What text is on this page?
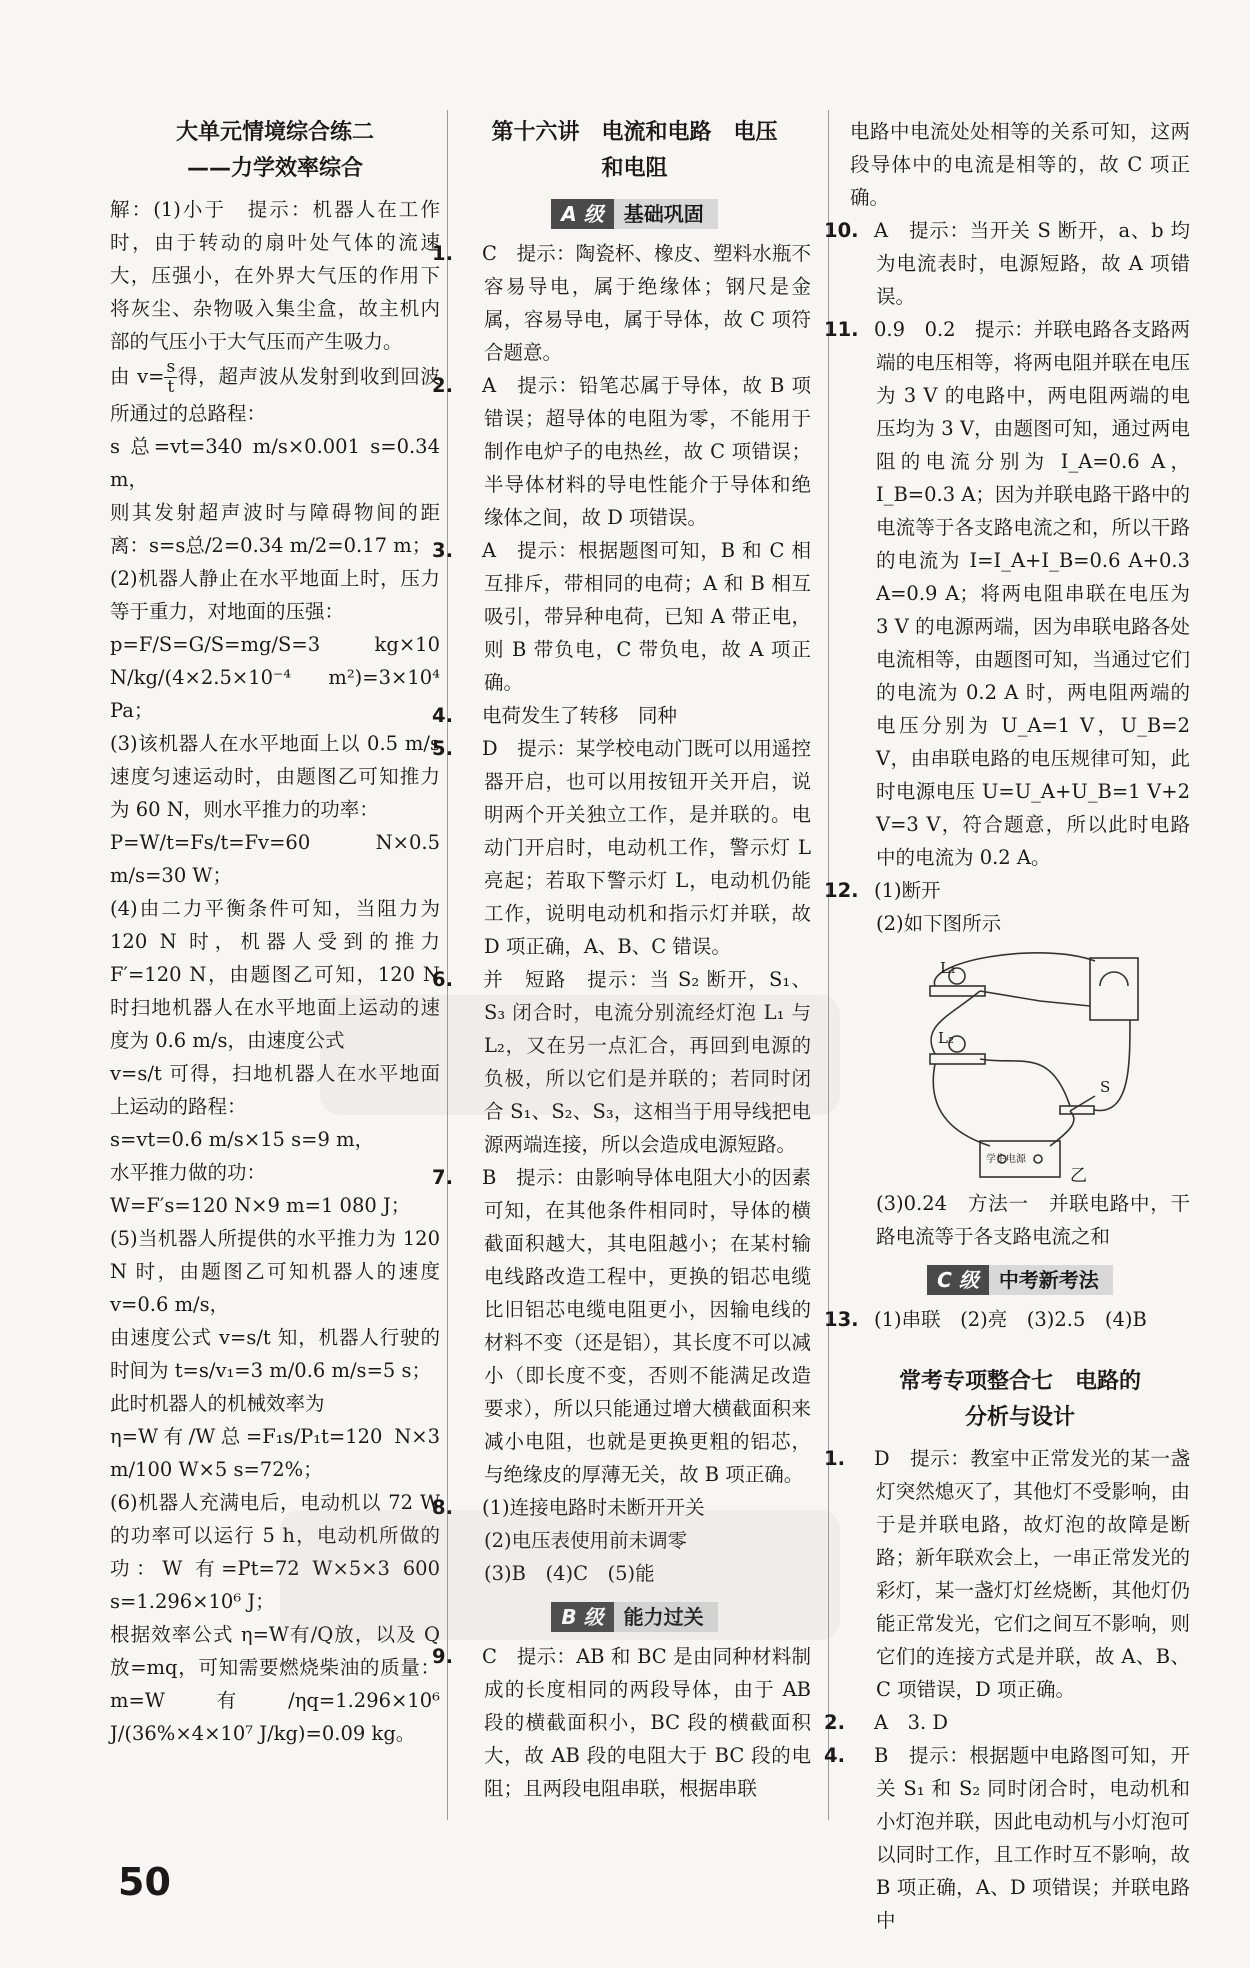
大单元情境综合练二
——力学效率综合

解：(1)小于　提示：机器人在工作时，由于转动的扇叶处气体的流速大，压强小，在外界大气压的作用下将灰尘、杂物吸入集尘盒，故主机内部的气压小于大气压而产生吸力。

由 $v= \frac{s}{t}$ 得，超声波从发射到收到回波所通过的总路程：

s 总=vt=340 m/s×0.001 s=0.34 m，

则其发射超声波时与障碍物间的距离：s=s总/2=0.34 m/2=0.17 m；

(2)机器人静止在水平地面上时，压力等于重力，对地面的压强：

p=F/S=G/S=mg/S=3 kg×10 N/kg/(4×2.5×10⁻⁴ m²)=3×10⁴ Pa；

(3)该机器人在水平地面上以 0.5 m/s 速度匀速运动时，由题图乙可知推力为 60 N，则水平推力的功率：

P=W/t=Fs/t=Fv=60 N×0.5 m/s=30 W；

(4)由二力平衡条件可知，当阻力为 120 N 时，机器人受到的推力 F′=120 N，由题图乙可知，120 N 时扫地机器人在水平地面上运动的速度为 0.6 m/s，由速度公式

v=s/t 可得，扫地机器人在水平地面上运动的路程：

s=vt=0.6 m/s×15 s=9 m，

水平推力做的功：

W=F′s=120 N×9 m=1 080 J；

(5)当机器人所提供的水平推力为 120 N 时，由题图乙可知机器人的速度 v=0.6 m/s，

由速度公式 v=s/t 知，机器人行驶的时间为 t=s/v₁=3 m/0.6 m/s=5 s；

此时机器人的机械效率为

η=W有/W总=F₁s/P₁t=120 N×3 m/100 W×5 s=72%；

(6)机器人充满电后，电动机以 72 W 的功率可以运行 5 h，电动机所做的功：W 有=Pt=72 W×5×3 600 s=1.296×10⁶ J；

根据效率公式 η=W有/Q放，以及 Q 放=mq，可知需要燃烧柴油的质量：m=W有/ηq=1.296×10⁶ J/(36%×4×10⁷ J/kg)=0.09 kg。

第十六讲　电流和电路　电压
和电阻
A 级	基础巩固

1. C　提示：陶瓷杯、橡皮、塑料水瓶不容易导电，属于绝缘体；钢尺是金属，容易导电，属于导体，故 C 项符合题意。

2. A　提示：铅笔芯属于导体，故 B 项错误；超导体的电阻为零，不能用于制作电炉子的电热丝，故 C 项错误；半导体材料的导电性能介于导体和绝缘体之间，故 D 项错误。

3. A　提示：根据题图可知，B 和 C 相互排斥，带相同的电荷；A 和 B 相互吸引，带异种电荷，已知 A 带正电，则 B 带负电，C 带负电，故 A 项正确。

4. 电荷发生了转移　同种

5. D　提示：某学校电动门既可以用遥控器开启，也可以用按钮开关开启，说明两个开关独立工作，是并联的。电动门开启时，电动机工作，警示灯 L 亮起；若取下警示灯 L，电动机仍能工作，说明电动机和指示灯并联，故 D 项正确，A、B、C 错误。

6. 并　短路　提示：当 S₂ 断开，S₁、S₃ 闭合时，电流分别流经灯泡 L₁ 与 L₂，又在另一点汇合，再回到电源的负极，所以它们是并联的；若同时闭合 S₁、S₂、S₃，这相当于用导线把电源两端连接，所以会造成电源短路。

7. B　提示：由影响导体电阻大小的因素可知，在其他条件相同时，导体的横截面积越大，其电阻越小；在某村输电线路改造工程中，更换的铝芯电缆比旧铝芯电缆电阻更小，因输电线的材料不变（还是铝），其长度不可以减小（即长度不变，否则不能满足改造要求），所以只能通过增大横截面积来减小电阻，也就是更换更粗的铝芯，与绝缘皮的厚薄无关，故 B 项正确。

8. (1)连接电路时未断开开关

(2)电压表使用前未调零

(3)B　(4)C　(5)能

B 级	能力过关

9. C　提示：AB 和 BC 是由同种材料制成的长度相同的两段导体，由于 AB 段的横截面积小，BC 段的横截面积大，故 AB 段的电阻大于 BC 段的电阻；且两段电阻串联，根据串联

电路中电流处处相等的关系可知，这两段导体中的电流是相等的，故 C 项正确。

10. A　提示：当开关 S 断开，a、b 均为电流表时，电源短路，故 A 项错误。

11. 0.9　0.2　提示：并联电路各支路两端的电压相等，将两电阻并联在电压为 3 V 的电路中，两电阻两端的电压均为 3 V，由题图可知，通过两电阻的电流分别为 I_A=0.6 A，I_B=0.3 A；因为并联电路干路中的电流等于各支路电流之和，所以干路的电流为 I=I_A+I_B=0.6 A+0.3 A=0.9 A；将两电阻串联在电压为 3 V 的电源两端，因为串联电路各处电流相等，由题图可知，当通过它们的电流为 0.2 A 时，两电阻两端的电压分别为 U_A=1 V，U_B=2 V，由串联电路的电压规律可知，此时电源电压 U=U_A+U_B=1 V+2 V=3 V，符合题意，所以此时电路中的电流为 0.2 A。

12. (1)断开

(2)如下图所示

L₁
L₂
S
学生电源
乙

(3)0.24　方法一　并联电路中，干路电流等于各支路电流之和

C 级	中考新考法

13. (1)串联　(2)亮　(3)2.5　(4)B

常考专项整合七　电路的
分析与设计

1. D　提示：教室中正常发光的某一盏灯突然熄灭了，其他灯不受影响，由于是并联电路，故灯泡的故障是断路；新年联欢会上，一串正常发光的彩灯，某一盏灯灯丝烧断，其他灯仍能正常发光，它们之间互不影响，则它们的连接方式是并联，故 A、B、C 项错误，D 项正确。

2. A　3. D

4. B　提示：根据题中电路图可知，开关 S₁ 和 S₂ 同时闭合时，电动机和小灯泡并联，因此电动机与小灯泡可以同时工作，且工作时互不影响，故 B 项正确，A、D 项错误；并联电路中

50
